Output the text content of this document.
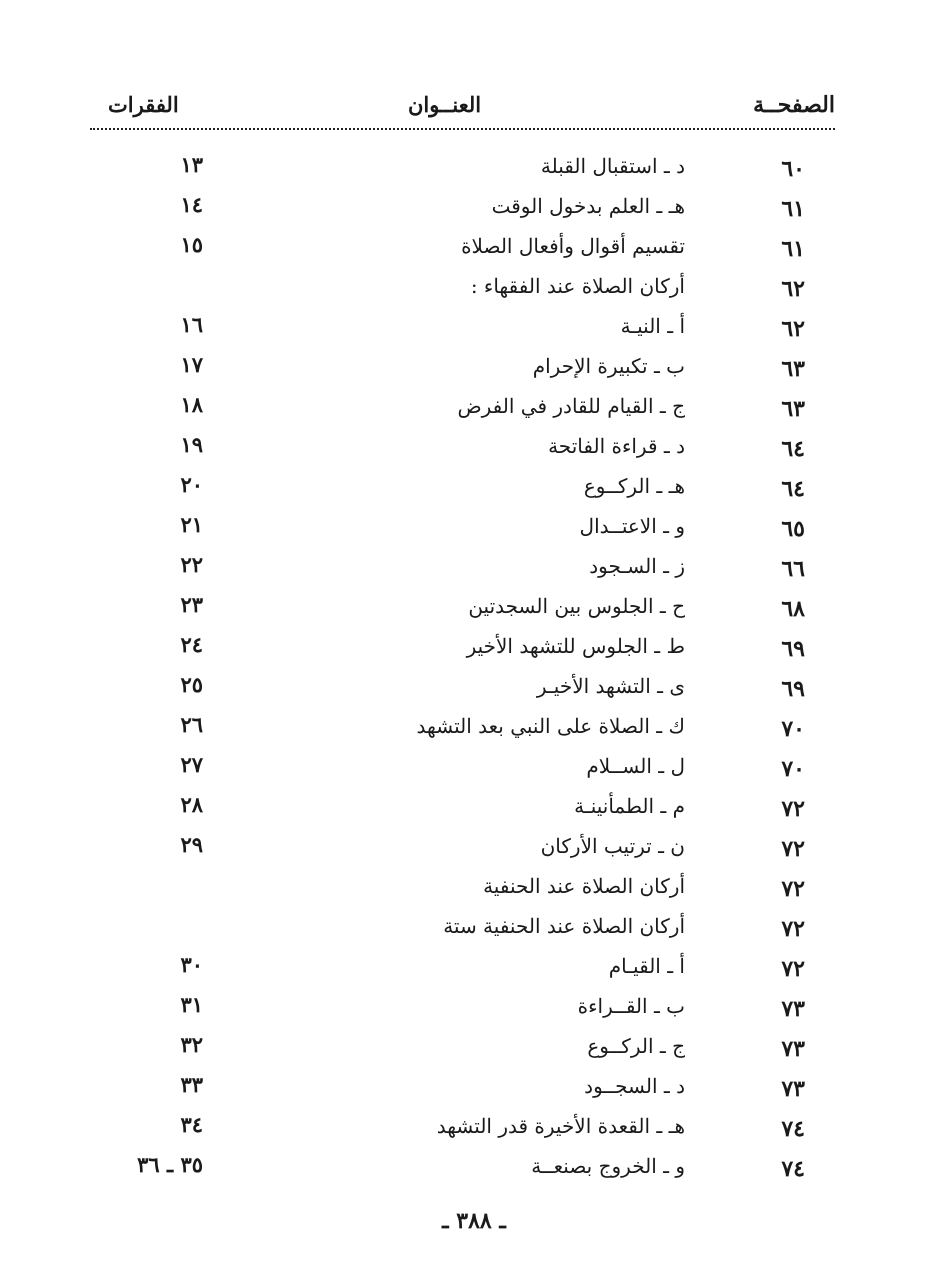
الصفحــة
العنــوان
الفقرات
٦٠
د ـ استقبال القبلة
١٣
٦١
هـ ـ العلم بدخول الوقت
١٤
٦١
تقسيم أقوال وأفعال الصلاة
١٥
٦٢
أركان الصلاة عند الفقهاء :
٦٢
أ ـ النيـة
١٦
٦٣
ب ـ تكبيرة الإحرام
١٧
٦٣
ج ـ القيام للقادر في الفرض
١٨
٦٤
د ـ قراءة الفاتحة
١٩
٦٤
هـ ـ الركــوع
٢٠
٦٥
و ـ الاعتــدال
٢١
٦٦
ز ـ السـجود
٢٢
٦٨
ح ـ الجلوس بين السجدتين
٢٣
٦٩
ط ـ الجلوس للتشهد الأخير
٢٤
٦٩
ى ـ التشهد الأخيـر
٢٥
٧٠
ك ـ الصلاة على النبي بعد التشهد
٢٦
٧٠
ل ـ الســلام
٢٧
٧٢
م ـ الطمأنينـة
٢٨
٧٢
ن ـ ترتيب الأركان
٢٩
٧٢
أركان الصلاة عند الحنفية
٧٢
أركان الصلاة عند الحنفية ستة
٧٢
أ ـ القيـام
٣٠
٧٣
ب ـ القــراءة
٣١
٧٣
ج ـ الركــوع
٣٢
٧٣
د ـ السجــود
٣٣
٧٤
هـ ـ القعدة الأخيرة قدر التشهد
٣٤
٧٤
و ـ الخروج بصنعــة
٣٥ ـ ٣٦
ـ ٣٨٨ ـ
